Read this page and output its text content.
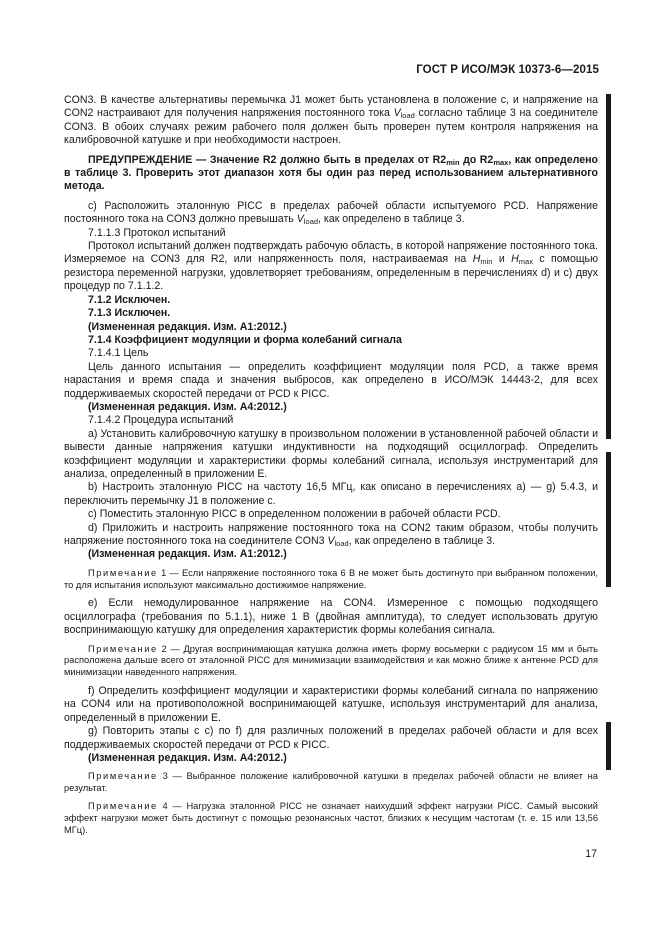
ГОСТ Р ИСО/МЭК 10373-6—2015

CON3. В качестве альтернативы перемычка J1 может быть установлена в положение c, и напряжение на CON2 настраивают для получения напряжения постоянного тока $V_{load}$ согласно таблице 3 на соединителе CON3. В обоих случаях режим рабочего поля должен быть проверен путем контроля напряжения на калибровочной катушке и при необходимости настроен.

ПРЕДУПРЕЖДЕНИЕ — Значение R2 должно быть в пределах от $R2_{min}$ до $R2_{max}$, как определено в таблице 3. Проверить этот диапазон хотя бы один раз перед использованием альтернативного метода.

c) Расположить эталонную PICC в пределах рабочей области испытуемого PCD. Напряжение постоянного тока на CON3 должно превышать $V_{load}$, как определено в таблице 3.

7.1.1.3 Протокол испытаний

Протокол испытаний должен подтверждать рабочую область, в которой напряжение постоянного тока. Измеряемое на CON3 для R2, или напряженность поля, настраиваемая на $H_{min}$ и $H_{max}$ с помощью резистора переменной нагрузки, удовлетворяет требованиям, определенным в перечислениях d) и c) двух процедур по 7.1.1.2.

7.1.2 Исключен.

7.1.3 Исключен.

(Измененная редакция. Изм. А1:2012.)

7.1.4 Коэффициент модуляции и форма колебаний сигнала

7.1.4.1 Цель

Цель данного испытания — определить коэффициент модуляции поля PCD, а также время нарастания и время спада и значения выбросов, как определено в ИСО/МЭК 14443-2, для всех поддерживаемых скоростей передачи от PCD к PICC.

(Измененная редакция. Изм. А4:2012.)

7.1.4.2 Процедура испытаний

a) Установить калибровочную катушку в произвольном положении в установленной рабочей области и вывести данные напряжения катушки индуктивности на подходящий осциллограф. Определить коэффициент модуляции и характеристики формы колебаний сигнала, используя инструментарий для анализа, определенный в приложении E.

b) Настроить эталонную PICC на частоту 16,5 МГц, как описано в перечислениях a) — g) 5.4.3, и переключить перемычку J1 в положение c.

c) Поместить эталонную PICC в определенном положении в рабочей области PCD.

d) Приложить и настроить напряжение постоянного тока на CON2 таким образом, чтобы получить напряжение постоянного тока на соединителе CON3 $V_{load}$, как определено в таблице 3.

(Измененная редакция. Изм. А1:2012.)

Примечание 1 — Если напряжение постоянного тока 6 В не может быть достигнуто при выбранном положении, то для испытания используют максимально достижимое напряжение.

e) Если немодулированное напряжение на CON4. Измеренное с помощью подходящего осциллографа (требования по 5.1.1), ниже 1 В (двойная амплитуда), то следует использовать другую воспринимающую катушку для определения характеристик формы колебания сигнала.

Примечание 2 — Другая воспринимающая катушка должна иметь форму восьмерки с радиусом 15 мм и быть расположена дальше всего от эталонной PICC для минимизации взаимодействия и как можно ближе к антенне PCD для минимизации наведенного напряжения.

f) Определить коэффициент модуляции и характеристики формы колебаний сигнала по напряжению на CON4 или на противоположной воспринимающей катушке, используя инструментарий для анализа, определенный в приложении E.

g) Повторить этапы с c) по f) для различных положений в пределах рабочей области и для всех поддерживаемых скоростей передачи от PCD к PICC.

(Измененная редакция. Изм. А4:2012.)

Примечание 3 — Выбранное положение калибровочной катушки в пределах рабочей области не влияет на результат.

Примечание 4 — Нагрузка эталонной PICC не означает наихудший эффект нагрузки PICC. Самый высокий эффект нагрузки может быть достигнут с помощью резонансных частот, близких к несущим частотам (т. е. 15 или 13,56 МГц).

17
